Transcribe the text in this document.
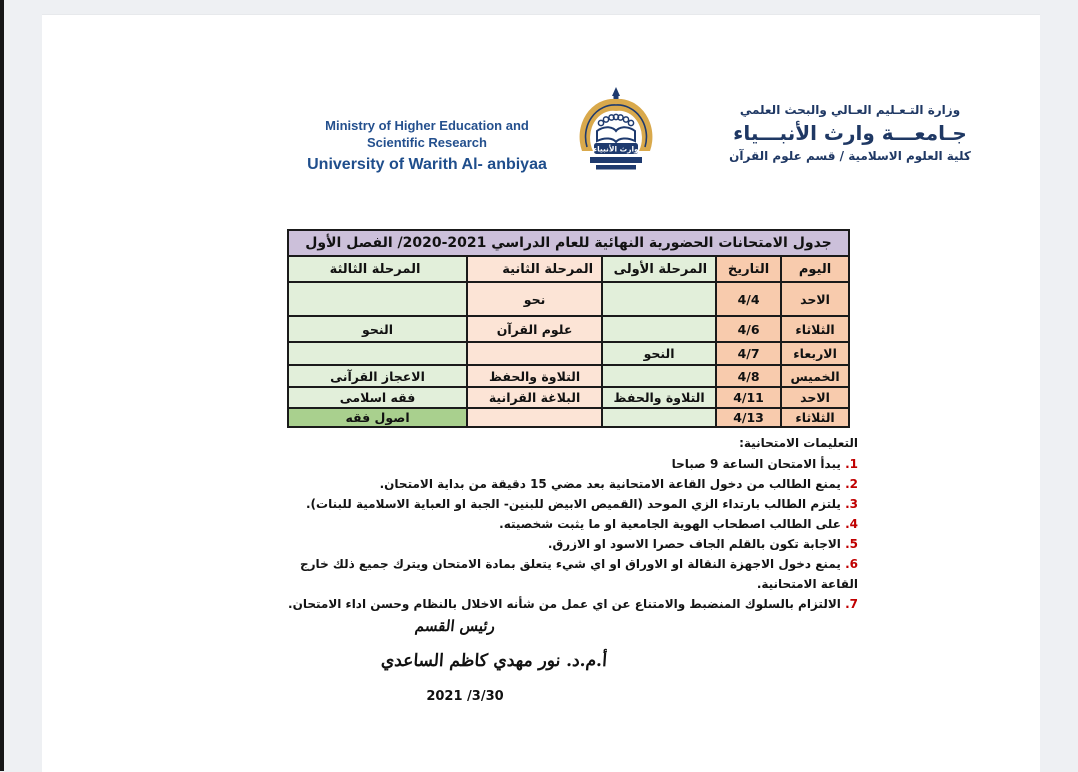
Ministry of Higher Education and
Scientific Research
University of Warith Al- anbiyaa
وارث الأنبياء
وزارة التـعـليم العـالي والبحث العلمي
جـامعـــة وارث الأنبـــياء
كلية العلوم الاسلامية / قسم علوم القرآن
جدول الامتحانات الحضورية النهائية للعام الدراسي 2021-2020/ الفصل الأول				
اليوم	التاريخ	المرحلة الأولى	المرحلة الثانية	المرحلة الثالثة
الاحد	4/4		نحو	
الثلاثاء	4/6		علوم القرآن	النحو
الاربعاء	4/7	النحو		
الخميس	4/8		التلاوة والحفظ	الاعجاز القرآنى
الاحد	4/11	التلاوة والحفظ	البلاغة القرانية	فقه اسلامى
الثلاثاء	4/13			اصول فقه
التعليمات الامتحانية:
1. يبدأ الامتحان الساعة 9 صباحا
2. يمنع الطالب من دخول القاعة الامتحانية بعد مضي 15 دقيقة من بداية الامتحان.
3. يلتزم الطالب بارتداء الزي الموحد (القميص الابيض للبنين- الجبة او العباية الاسلامية للبنات).
4. على الطالب اصطحاب الهوية الجامعية او ما يثبت شخصيته.
5. الاجابة تكون بالقلم الجاف حصرا الاسود او الازرق.
6. يمنع دخول الاجهزة النقالة او الاوراق او اي شيء يتعلق بمادة الامتحان ويترك جميع ذلك خارج القاعة الامتحانية.
7. الالتزام بالسلوك المنضبط والامتناع عن اي عمل من شأنه الاخلال بالنظام وحسن اداء الامتحان.
رئيس القسم
أ.م.د. نور مهدي كاظم الساعدي
2021 /3/30
